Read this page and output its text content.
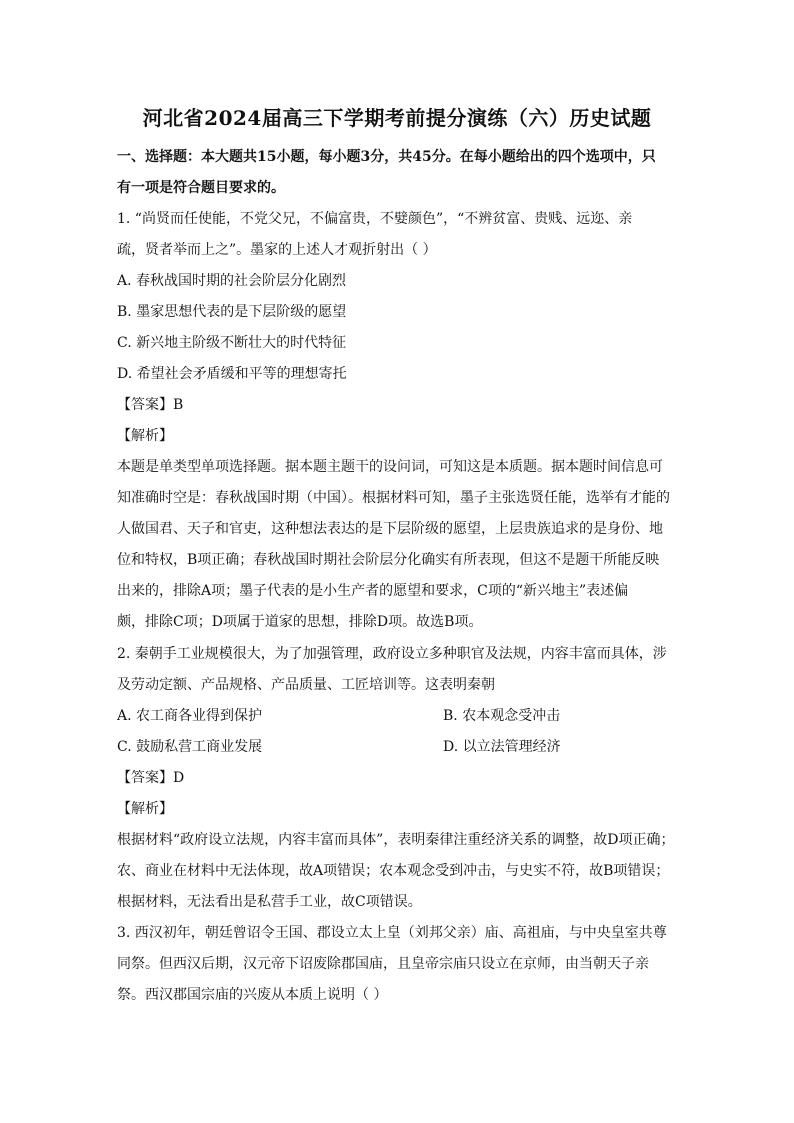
河北省2024届高三下学期考前提分演练（六）历史试题
一、选择题：本大题共15小题，每小题3分，共45分。在每小题给出的四个选项中，只
有一项是符合题目要求的。
1. “尚贤而任使能，不党父兄，不偏富贵，不嬖颜色”，“不辨贫富、贵贱、远迩、亲
疏，贤者举而上之”。墨家的上述人才观折射出（ ）
A. 春秋战国时期的社会阶层分化剧烈
B. 墨家思想代表的是下层阶级的愿望
C. 新兴地主阶级不断壮大的时代特征
D. 希望社会矛盾缓和平等的理想寄托
【答案】B
【解析】
本题是单类型单项选择题。据本题主题干的设问词，可知这是本质题。据本题时间信息可
知准确时空是：春秋战国时期（中国）。根据材料可知，墨子主张选贤任能，选举有才能的
人做国君、天子和官吏，这种想法表达的是下层阶级的愿望，上层贵族追求的是身份、地
位和特权，B项正确；春秋战国时期社会阶层分化确实有所表现，但这不是题干所能反映
出来的，排除A项；墨子代表的是小生产者的愿望和要求，C项的“新兴地主”表述偏
颇，排除C项；D项属于道家的思想，排除D项。故选B项。
2. 秦朝手工业规模很大，为了加强管理，政府设立多种职官及法规，内容丰富而具体，涉
及劳动定额、产品规格、产品质量、工匠培训等。这表明秦朝
A. 农工商各业得到保护	B. 农本观念受冲击
C. 鼓励私营工商业发展	D. 以立法管理经济
【答案】D
【解析】
根据材料“政府设立法规，内容丰富而具体”，表明秦律注重经济关系的调整，故D项正确；
农、商业在材料中无法体现，故A项错误；农本观念受到冲击，与史实不符，故B项错误；
根据材料，无法看出是私营手工业，故C项错误。
3. 西汉初年，朝廷曾诏令王国、郡设立太上皇（刘邦父亲）庙、高祖庙，与中央皇室共尊
同祭。但西汉后期，汉元帝下诏废除郡国庙，且皇帝宗庙只设立在京师，由当朝天子亲
祭。西汉郡国宗庙的兴废从本质上说明（ ）
